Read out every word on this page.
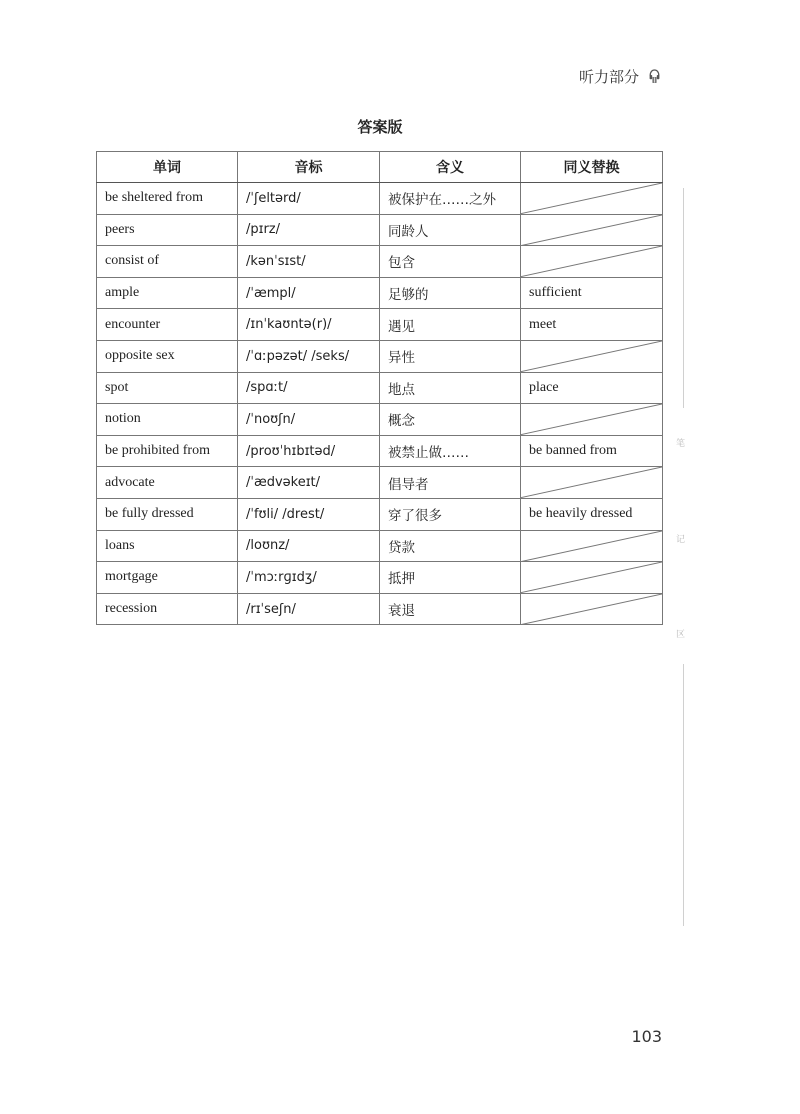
听力部分
答案版
单词	音标	含义	同义替换
be sheltered from	/ˈʃeltərd/	被保护在……之外	

peers	/pɪrz/	同龄人	

consist of	/kənˈsɪst/	包含	

ample	/ˈæmpl/	足够的	sufficient
encounter	/ɪnˈkaʊntə(r)/	遇见	meet
opposite sex	/ˈɑːpəzət/ /seks/	异性	

spot	/spɑːt/	地点	place
notion	/ˈnoʊʃn/	概念	

be prohibited from	/proʊˈhɪbɪtəd/	被禁止做……	be banned from
advocate	/ˈædvəkeɪt/	倡导者	

be fully dressed	/ˈfʊli/ /drest/	穿了很多	be heavily dressed
loans	/loʊnz/	贷款	

mortgage	/ˈmɔːrɡɪdʒ/	抵押	

recession	/rɪˈseʃn/	衰退	
笔
记
区
103
